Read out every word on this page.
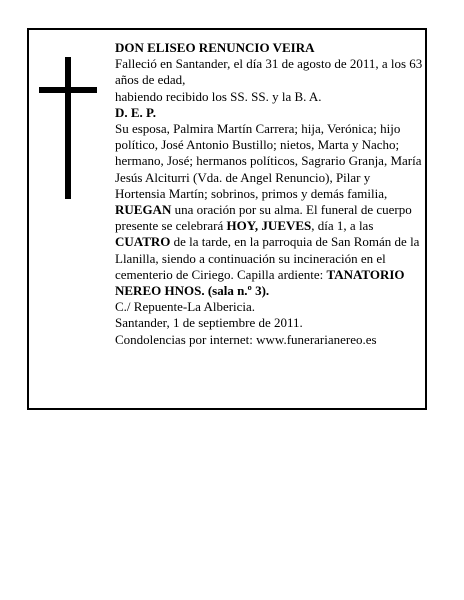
DON ELISEO RENUNCIO VEIRA

Falleció en Santander, el día 31 de agosto de 2011, a los 63 años de edad,

habiendo recibido los SS. SS. y la B. A.

D. E. P.

Su esposa, Palmira Martín Carrera; hija, Verónica; hijo político, José Antonio Bustillo; nietos, Marta y Nacho; hermano, José; hermanos políticos, Sagrario Granja, María Jesús Alciturri (Vda. de Angel Renuncio), Pilar y Hortensia Martín; sobrinos, primos y demás familia,
RUEGAN una oración por su alma. El funeral de cuerpo presente se celebrará HOY, JUEVES, día 1, a las CUATRO de la tarde, en la parroquia de San Román de la Llanilla, siendo a continuación su incineración en el cementerio de Ciriego. Capilla ardiente: TANATORIO NEREO HNOS. (sala n.º 3).

C./ Repuente-La Albericia.

Santander, 1 de septiembre de 2011.

Condolencias por internet: www.funerarianereo.es
